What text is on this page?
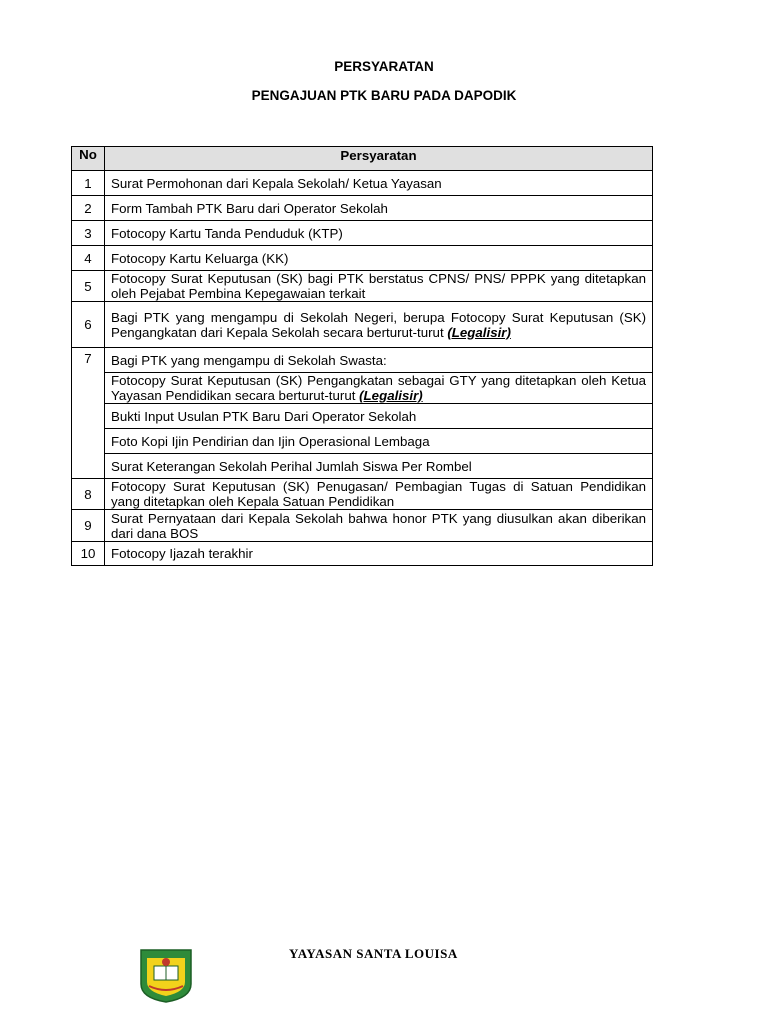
PERSYARATAN
PENGAJUAN PTK BARU PADA DAPODIK
No	Persyaratan
1	Surat Permohonan dari Kepala Sekolah/ Ketua Yayasan
2	Form Tambah PTK Baru dari Operator Sekolah
3	Fotocopy Kartu Tanda Penduduk (KTP)
4	Fotocopy Kartu Keluarga (KK)
5	Fotocopy Surat Keputusan (SK) bagi PTK berstatus CPNS/ PNS/ PPPK yang ditetapkan oleh Pejabat Pembina Kepegawaian terkait
6	Bagi PTK yang mengampu di Sekolah Negeri, berupa Fotocopy Surat Keputusan (SK) Pengangkatan dari Kepala Sekolah secara berturut-turut (Legalisir)
7	Bagi PTK yang mengampu di Sekolah Swasta:
	Fotocopy Surat Keputusan (SK) Pengangkatan sebagai GTY yang ditetapkan oleh Ketua Yayasan Pendidikan secara berturut-turut (Legalisir)
	Bukti Input Usulan PTK Baru Dari Operator Sekolah
	Foto Kopi Ijin Pendirian dan Ijin Operasional Lembaga
	Surat Keterangan Sekolah Perihal Jumlah Siswa Per Rombel
8	Fotocopy Surat Keputusan (SK) Penugasan/ Pembagian Tugas di Satuan Pendidikan yang ditetapkan oleh Kepala Satuan Pendidikan
9	Surat Pernyataan dari Kepala Sekolah bahwa honor PTK yang diusulkan akan diberikan dari dana BOS
10	Fotocopy Ijazah terakhir
YAYASAN SANTA LOUISA
